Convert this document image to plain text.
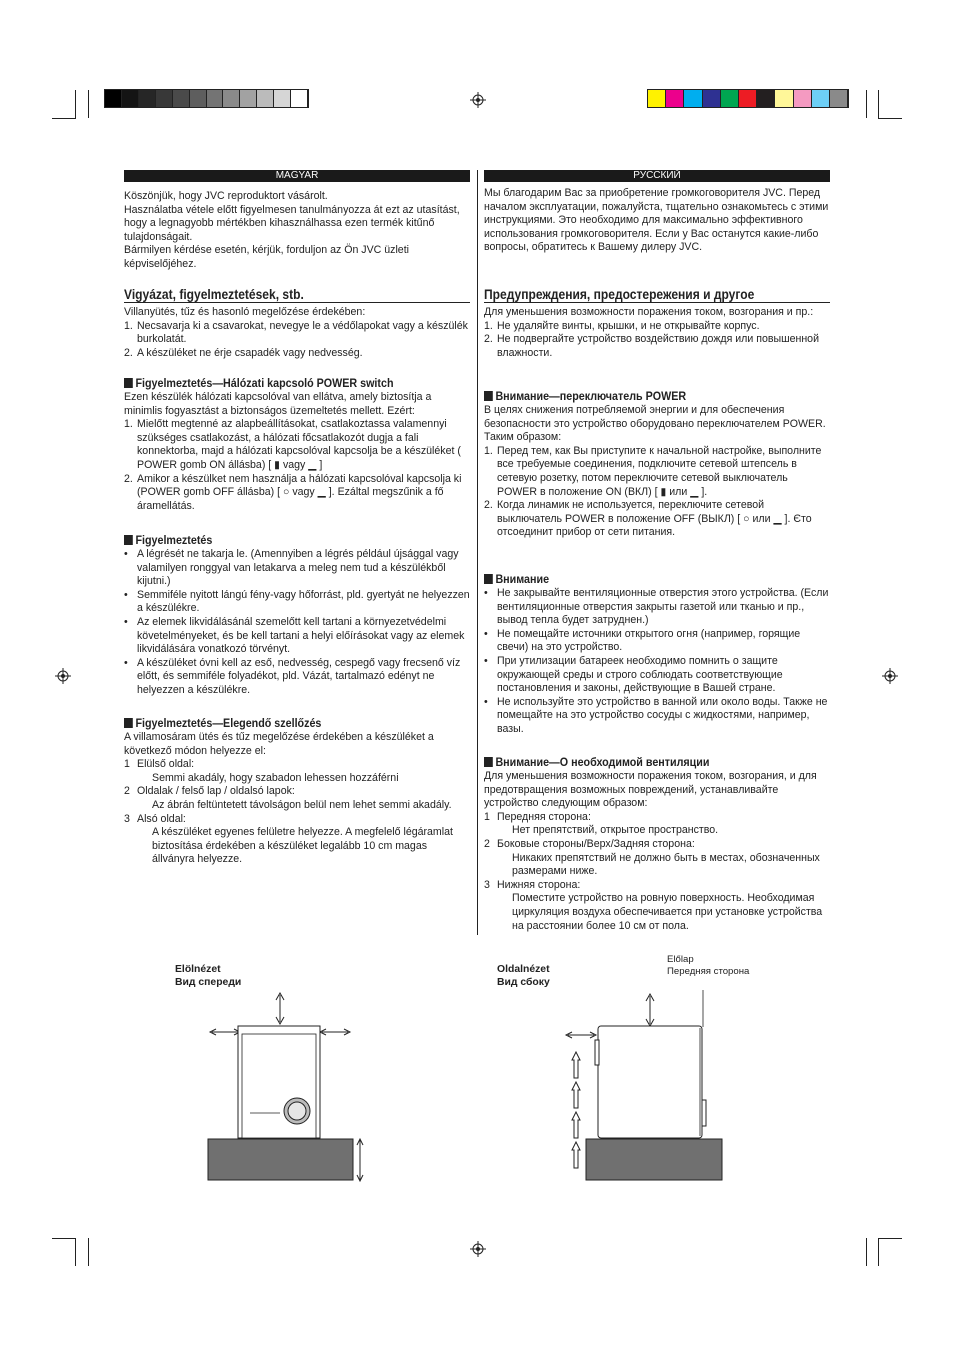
MAGYAR

Köszönjük, hogy JVC reproduktort vásárolt.

Használatba vétele előtt figyelmesen tanulmányozza át ezt az utasítást, hogy a legnagyobb mértékben kihasználhassa ezen termék kitűnő tulajdonságait.

Bármilyen kérdése esetén, kérjük, forduljon az Ön JVC üzleti képviselőjéhez.

Vigyázat, figyelmeztetések, stb.

Villanyütés, tűz és hasonló megelőzése érdekében:

1. Necsavarja ki a csavarokat, nevegye le a védőlapokat vagy a készülék burkolatát.
2. A készüléket ne érje csapadék vagy nedvesség.

Figyelmeztetés—Hálózati kapcsoló POWER switch

Ezen készülék hálózati kapcsolóval van ellátva, amely biztosítja a minimlis fogyasztást a biztonságos üzemeltetés mellett. Ezért:

1. Mielőtt megtenné az alapbeállításokat, csatlakoztassa valamennyi szükséges csatlakozást, a hálózati főcsatlakozót dugja a fali konnektorba, majd a hálózati kapcsolóval kapcsolja be a készüléket ( POWER gomb ON állásba) [ ▮ vagy ▁ ]
2. Amikor a készülket nem használja a hálózati kapcsolóval kapcsolja ki (POWER gomb OFF állásba) [ ○ vagy ▁ ]. Ezáltal megszűnik a fő áramellátás.

Figyelmeztetés

• A légrését ne takarja le. (Amennyiben a légrés például újsággal vagy valamilyen ronggyal van letakarva a meleg nem tud a készülékből kijutni.)
• Semmiféle nyitott lángú fény-vagy hőforrást, pld. gyertyát ne helyezzen a készülékre.
• Az elemek likvidálásánál szemelőtt kell tartani a környezetvédelmi követelményeket, és be kell tartani a helyi előírásokat vagy az elemek likvidálására vonatkozó törvényt.
• A készüléket óvni kell az eső, nedvesség, cespegő vagy frecsenő víz előtt, és semmiféle folyadékot, pld. Vázát, tartalmazó edényt ne helyezzen a készülékre.

Figyelmeztetés—Elegendő szellőzés

A villamosáram ütés és tűz megelőzése érdekében a készüléket a következő módon helyezze el:

1 Elülső oldal:

Semmi akadály, hogy szabadon lehessen hozzáférni

2 Oldalak / felső lap / oldalsó lapok:

Az ábrán feltüntetett távolságon belül nem lehet semmi akadály.

3 Alsó oldal:

A készüléket egyenes felületre helyezze. A megfelelő légáramlat biztosítása érdekében a készüléket legalább 10 cm magas állványra helyezze.

РУССКИЙ

Мы благодарим Вас за приобретение громкоговорителя JVC. Перед началом эксплуатации, пожалуйста, тщательно ознакомьтесь с этими инструкциями. Это необходимо для максимально эффективного использования громкоговорителя. Если у Вас останутся какие-либо вопросы, обратитесь к Вашему дилеру JVC.

Предупреждения, предостережения и другое

Для уменьшения возможности поражения током, возгорания и пр.:

1. Не удаляйте винты, крышки, и не открывайте корпус.
2. Не подвергайте устройство воздействию дождя или повышенной влажности.

Внимание—переключатель POWER

В целях снижения потребляемой энергии и для обеспечения безопасности это устройство оборудовано переключателем POWER. Таким образом:

1. Перед тем, как Вы приступите к начальной настройке, выполните все требуемые соединения, подключите сетевой штепсель в сетевую розетку, потом переключите сетевой выключатель POWER в положение ON (ВКЛ) [ ▮ или ▁ ].
2. Когда линамик не используется, переключите сетевой выключатель POWER в положение OFF (ВЫКЛ) [ ○ или ▁ ]. Єто отсоединит прибор от сети питания.

Внимание

• Не закрывайте вентиляционные отверстия этого устройства. (Если вентиляционные отверстия закрыты газетой или тканью и пр., вывод тепла будет затруднен.)
• Не помещайте источники открытого огня (например, горящие свечи) на это устройство.
• При утилизации батареек необходимо помнить о защите окружающей среды и строго соблюдать соответствующие постановления и законы, действующие в Вашей стране.
• Не используйте это устройство в ванной или около воды. Также не помещайте на это устройство сосуды с жидкостями, например, вазы.

Внимание—О необходимой вентиляции

Для уменьшения возможности поражения током, возгорания, и для предотвращения возможных повреждений, устанавливайте устройство следующим образом:

1 Передняя сторона:

Нет препятствий, открытое пространство.

2 Боковые стороны/Верх/Задняя сторона:

Никаких препятствий не должно быть в местах, обозначенных размерами ниже.

3 Нижняя сторона:

Поместите устройство на ровную поверхность. Необходимая циркуляция воздуха обеспечивается при установке устройства на расстоянии более 10 см от пола.

Elölnézet
Вид спереди
Oldalnézet
Вид сбоку
Előlap
Передняя сторона
